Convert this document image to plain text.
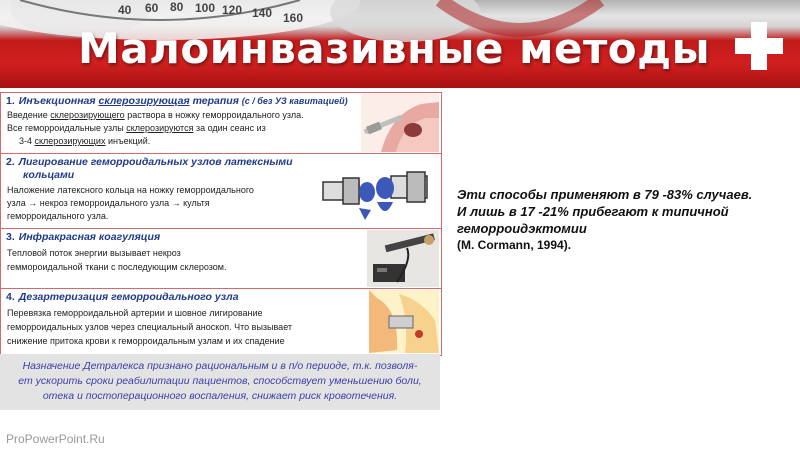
40 60 80 100 120 140 160
Малоинвазивные методы
1. Инъекционная склерозирующая терапия (с / без УЗ кавитацией)
Введение склерозирующего раствора в ножку геморроидального узла.
Все геморроидальные узлы склерозируются за один сеанс из
3-4 склерозирующих инъекций.
2. Лигирование геморроидальных узлов латексными
кольцами
Наложение латексного кольца на ножку геморроидального
узла → некроз геморроидального узла → культя
геморроидального узла.
3. Инфракрасная коагуляция
Тепловой поток энергии вызывает некроз
геммороидальной ткани с последующим склерозом.
4. Дезартеризация геморроидального узла
Перевязка геморроидальной артерии и шовное лигирование
геморроидальных узлов через специальный аноскоп. Что вызывает
снижение притока крови к геморроидальным узлам и их спадение
Назначение Детралекса признано рациональным и в п/о периоде, т.к. позволя-
ет ускорить сроки реабилитации пациентов, способствует уменьшению боли,
отека и постоперационного воспаления, снижает риск кровотечения.
Эти способы применяют в 79 -83% случаев.
И лишь в 17 -21% прибегают к типичной
геморроидэктомии
(M. Cormann, 1994).
ProPowerPoint.Ru
